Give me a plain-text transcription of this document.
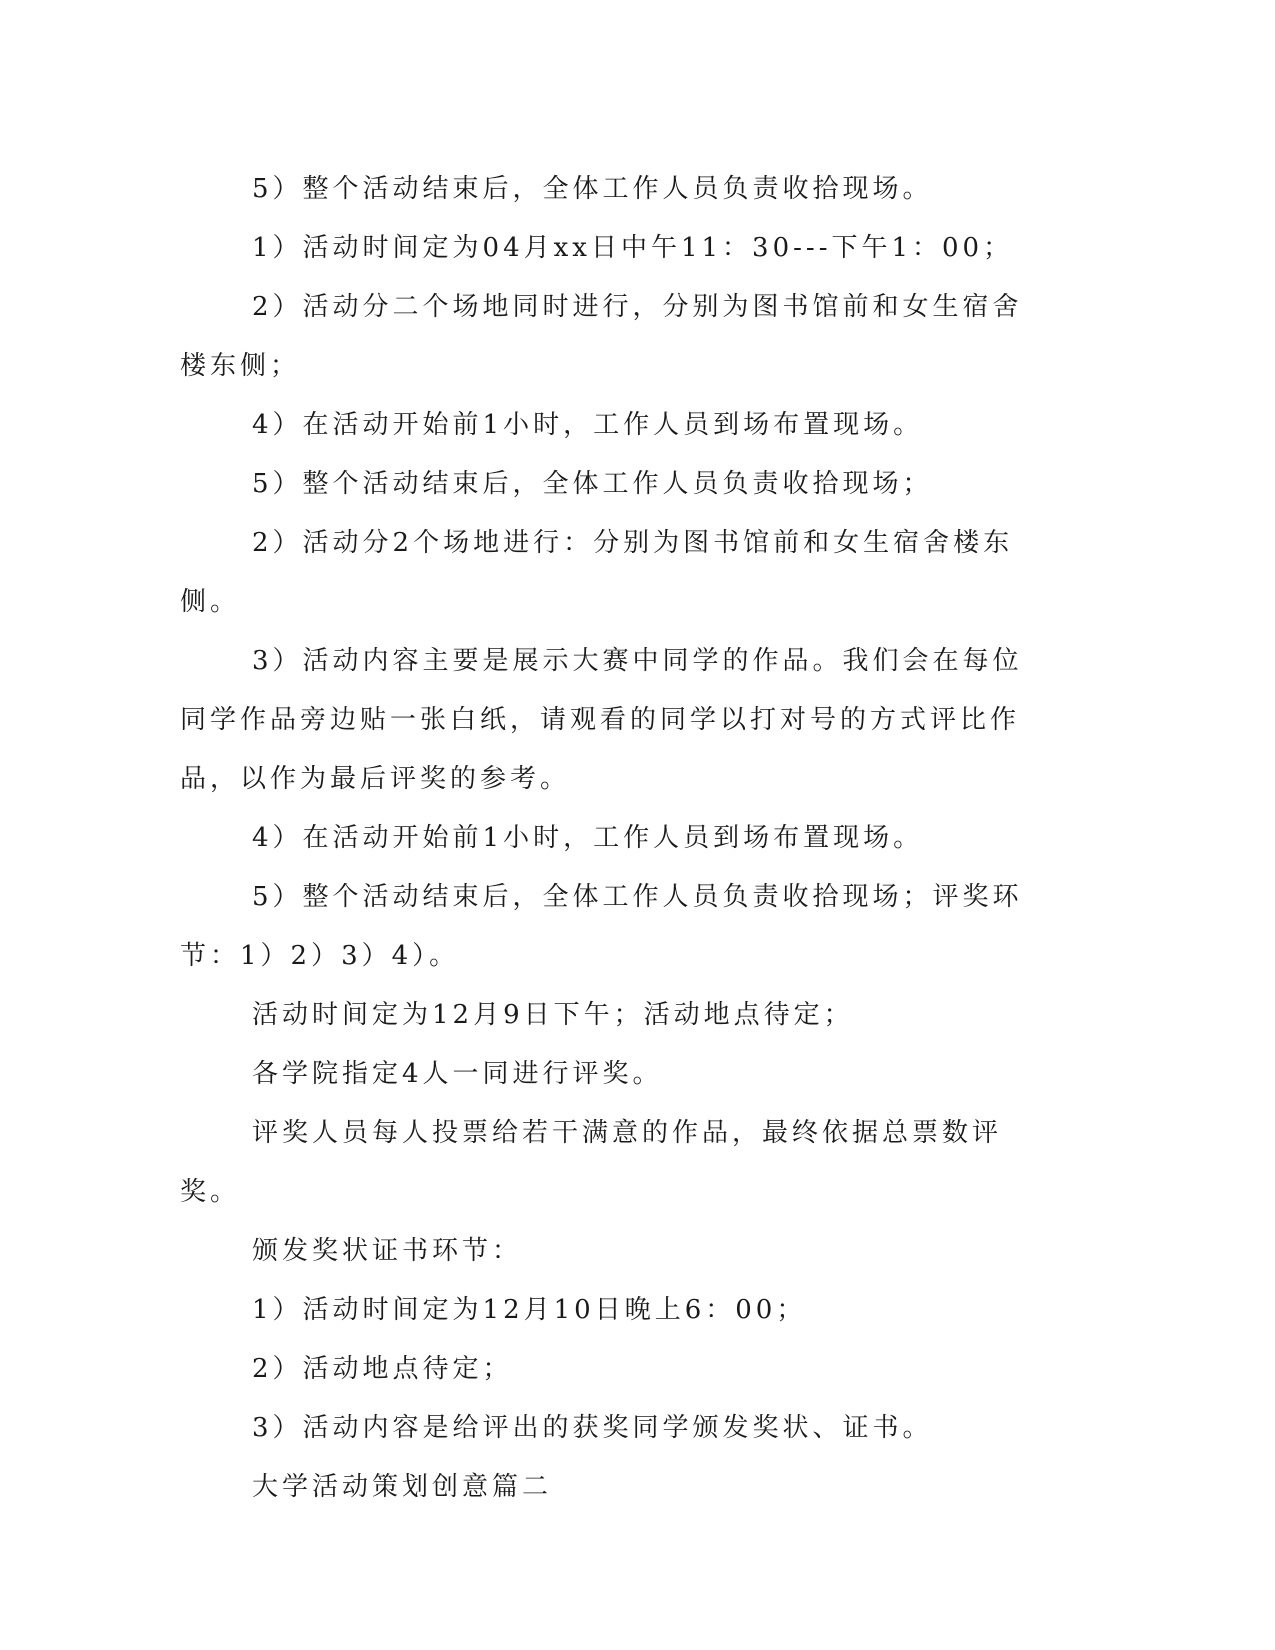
5）整个活动结束后，全体工作人员负责收拾现场。

1）活动时间定为04月xx日中午11：30---下午1：00；

2）活动分二个场地同时进行，分别为图书馆前和女生宿舍楼东侧；

4）在活动开始前1小时，工作人员到场布置现场。

5）整个活动结束后，全体工作人员负责收拾现场；

2）活动分2个场地进行：分别为图书馆前和女生宿舍楼东侧。

3）活动内容主要是展示大赛中同学的作品。我们会在每位同学作品旁边贴一张白纸，请观看的同学以打对号的方式评比作品，以作为最后评奖的参考。

4）在活动开始前1小时，工作人员到场布置现场。

5）整个活动结束后，全体工作人员负责收拾现场；评奖环节：1）2）3）4）。

活动时间定为12月9日下午；活动地点待定；

各学院指定4人一同进行评奖。

评奖人员每人投票给若干满意的作品，最终依据总票数评奖。

颁发奖状证书环节：

1）活动时间定为12月10日晚上6：00；

2）活动地点待定；

3）活动内容是给评出的获奖同学颁发奖状、证书。

大学活动策划创意篇二
